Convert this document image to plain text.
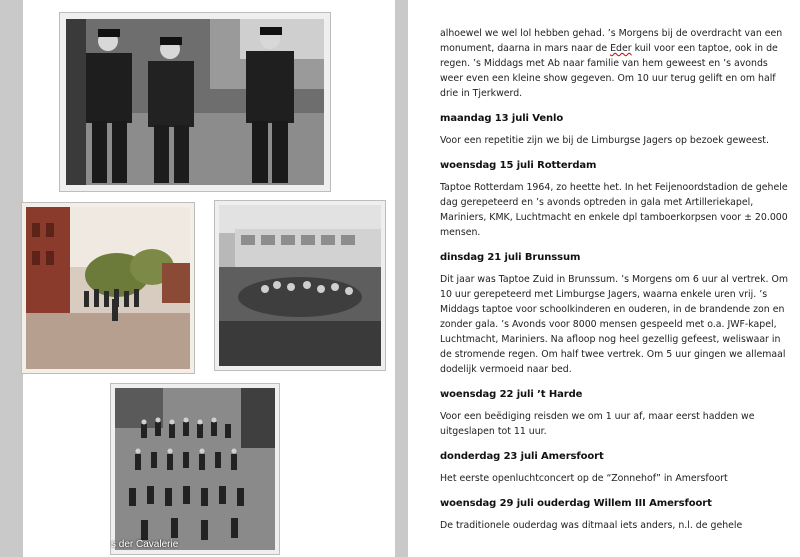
s der Cavalerie

alhoewel we wel lol hebben gehad. ’s Morgens bij de overdracht van een monument, daarna in mars naar de Eder kuil voor een taptoe, ook in de regen. ’s Middags met Ab naar familie van hem geweest en ’s avonds weer even een kleine show gegeven. Om 10 uur terug gelift en om half drie in Tjerkwerd.

maandag 13 juli Venlo

Voor een repetitie zijn we bij de Limburgse Jagers op bezoek geweest.

woensdag 15 juli Rotterdam

Taptoe Rotterdam 1964, zo heette het. In het Feijenoordstadion de gehele dag gerepeteerd en ’s avonds optreden in gala met Artilleriekapel, Mariniers, KMK, Luchtmacht en enkele dpl tamboerkorpsen voor ± 20.000 mensen.

dinsdag 21 juli Brunssum

Dit jaar was Taptoe Zuid in Brunssum. ’s Morgens om 6 uur al vertrek. Om 10 uur gerepeteerd met Limburgse Jagers, waarna enkele uren vrij. ’s Middags taptoe voor schoolkinderen en ouderen, in de brandende zon en zonder gala. ’s Avonds voor 8000 mensen gespeeld met o.a. JWF-kapel, Luchtmacht, Mariniers. Na afloop nog heel gezellig gefeest, weliswaar in de stromende regen. Om half twee vertrek. Om 5 uur gingen we allemaal dodelijk vermoeid naar bed.

woensdag 22 juli ’t Harde

Voor een beëdiging reisden we om 1 uur af, maar eerst hadden we uitgeslapen tot 11 uur.

donderdag 23 juli Amersfoort

Het eerste openluchtconcert op de “Zonnehof” in Amersfoort

woensdag 29 juli ouderdag Willem III Amersfoort

De traditionele ouderdag was ditmaal iets anders, n.l. de gehele
